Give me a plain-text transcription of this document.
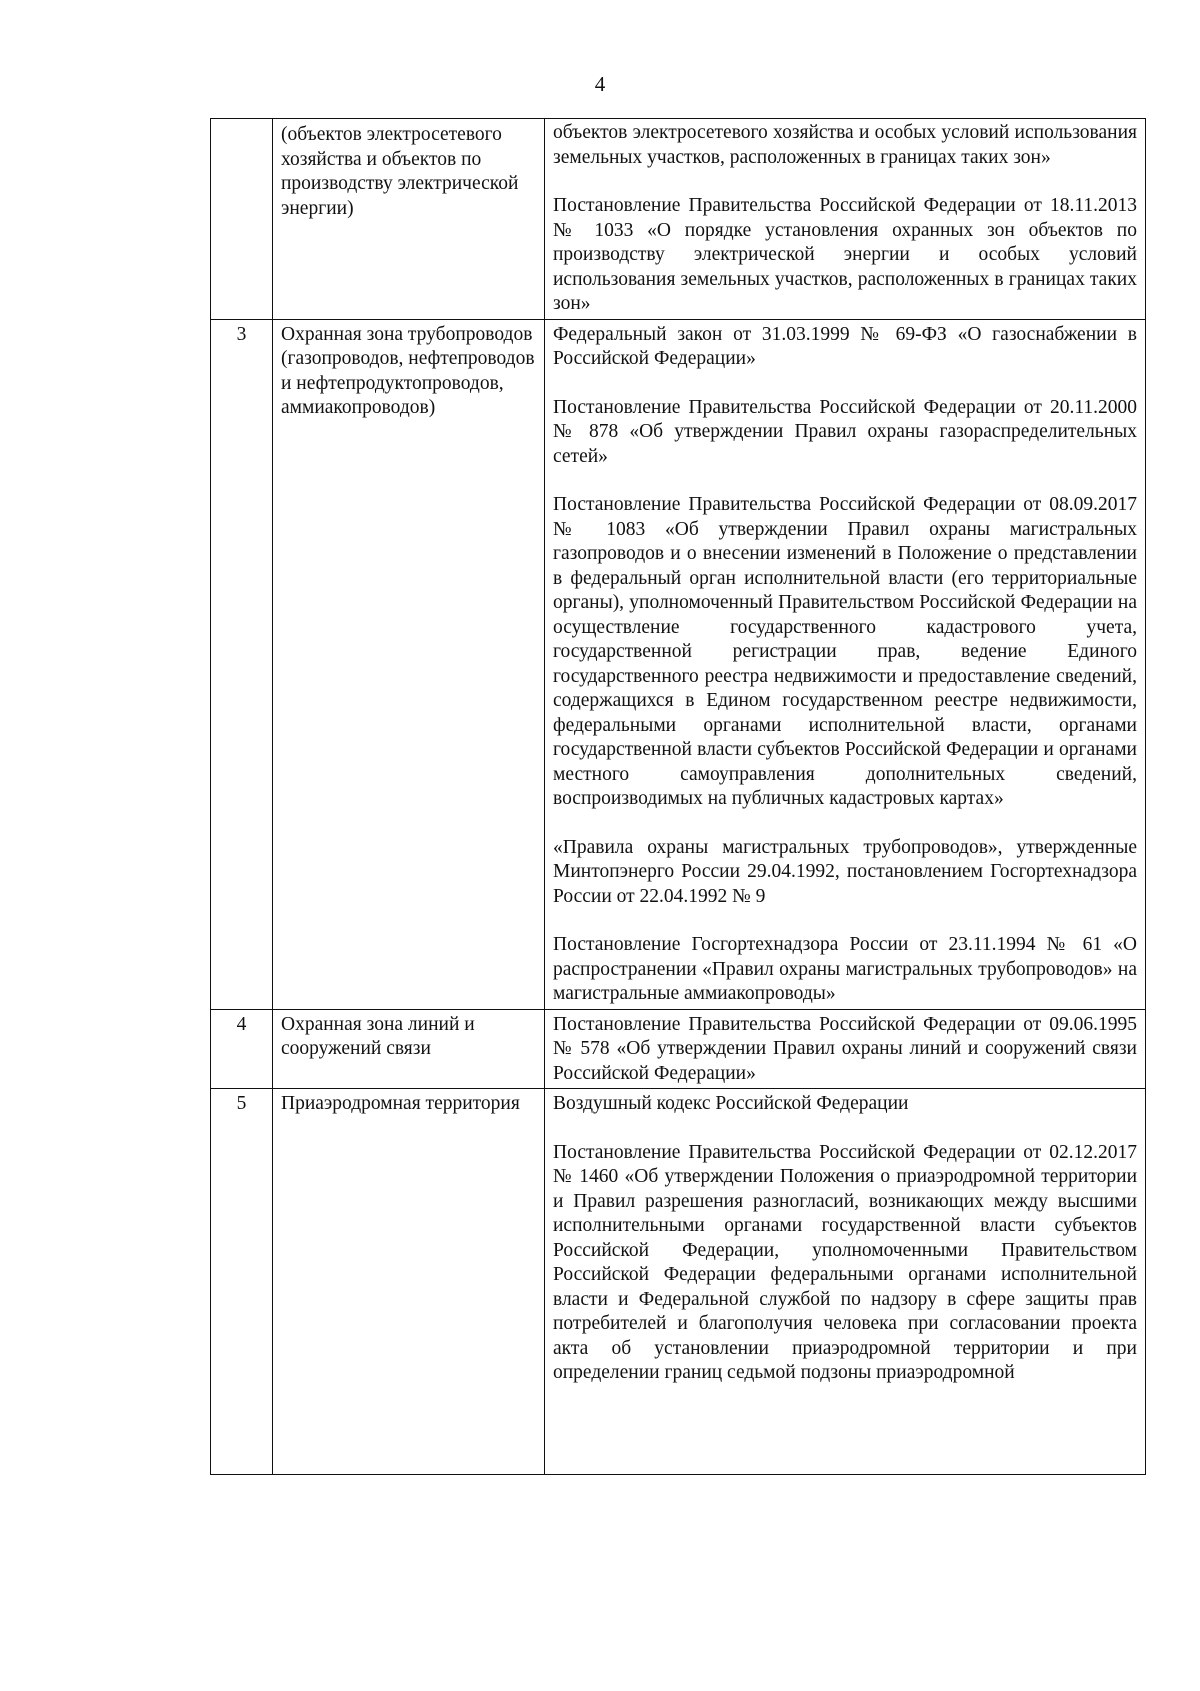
4
	(объектов электросетевого хозяйства и объектов по производству электрической энергии)	объектов электросетевого хозяйства и особых условий использования земельных участков, расположенных в границах таких зон»

Постановление Правительства Российской Федерации от 18.11.2013 № 1033 «О порядке установления охранных зон объектов по производству электрической энергии и особых условий использования земельных участков, расположенных в границах таких зон»

3	Охранная зона трубопроводов (газопроводов, нефтепроводов и нефтепродуктопроводов, аммиакопроводов)	Федеральный закон от 31.03.1999 № 69-ФЗ «О газоснабжении в Российской Федерации»

Постановление Правительства Российской Федерации от 20.11.2000 № 878 «Об утверждении Правил охраны газораспределительных сетей»

Постановление Правительства Российской Федерации от 08.09.2017 № 1083 «Об утверждении Правил охраны магистральных газопроводов и о внесении изменений в Положение о представлении в федеральный орган исполнительной власти (его территориальные органы), уполномоченный Правительством Российской Федерации на осуществление государственного кадастрового учета, государственной регистрации прав, ведение Единого государственного реестра недвижимости и предоставление сведений, содержащихся в Едином государственном реестре недвижимости, федеральными органами исполнительной власти, органами государственной власти субъектов Российской Федерации и органами местного самоуправления дополнительных сведений, воспроизводимых на публичных кадастровых картах»

«Правила охраны магистральных трубопроводов», утвержденные Минтопэнерго России 29.04.1992, постановлением Госгортехнадзора России от 22.04.1992 № 9

Постановление Госгортехнадзора России от 23.11.1994 № 61 «О распространении «Правил охраны магистральных трубопроводов» на магистральные аммиакопроводы»

4	Охранная зона линий и сооружений связи	Постановление Правительства Российской Федерации от 09.06.1995 № 578 «Об утверждении Правил охраны линий и сооружений связи Российской Федерации»

5	Приаэродромная территория	Воздушный кодекс Российской Федерации

Постановление Правительства Российской Федерации от 02.12.2017 № 1460 «Об утверждении Положения о приаэродромной территории и Правил разрешения разногласий, возникающих между высшими исполнительными органами государственной власти субъектов Российской Федерации, уполномоченными Правительством Российской Федерации федеральными органами исполнительной власти и Федеральной службой по надзору в сфере защиты прав потребителей и благополучия человека при согласовании проекта акта об установлении приаэродромной территории и при определении границ седьмой подзоны приаэродромной
